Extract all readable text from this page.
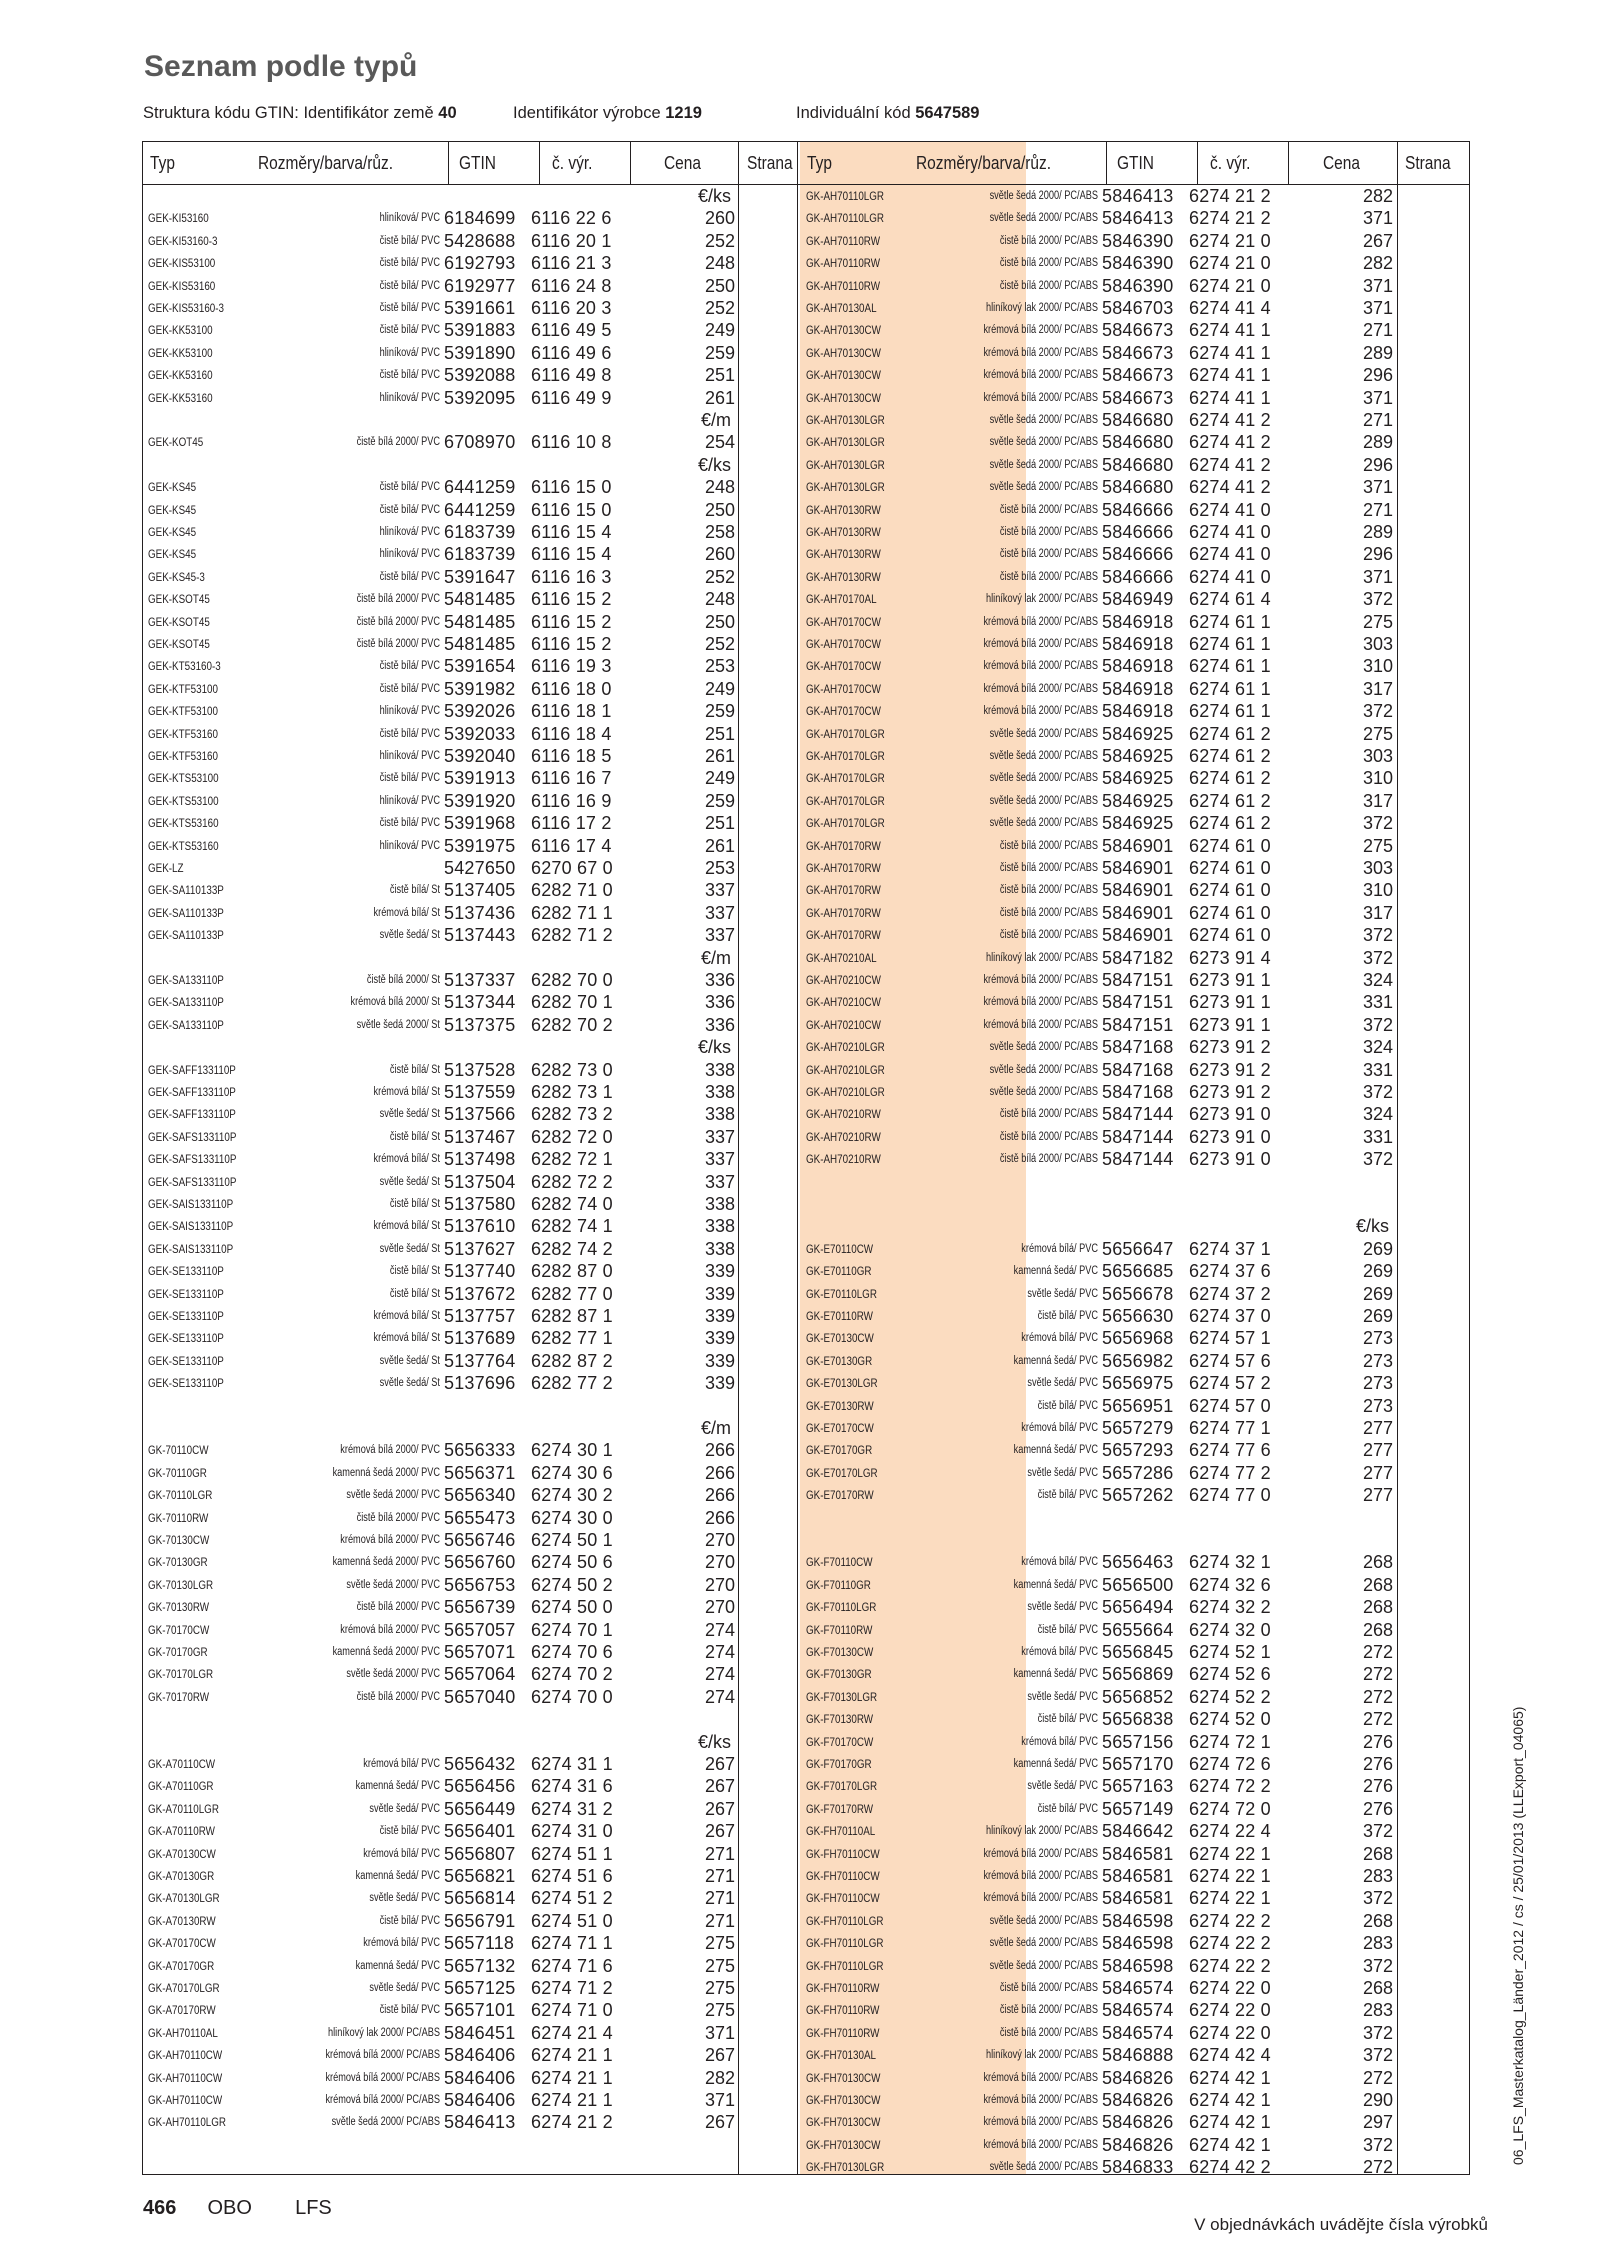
Seznam podle typů
Struktura kódu GTIN: Identifikátor země 40	Identifikátor výrobce 1219	Individuální kód 5647589
Typ	Rozměry/barva/růz.	GTIN	č. výr.	Cena	Strana Typ	Rozměry/barva/růz.	GTIN	č. výr.	Cena Strana
€/ks
GEK-KI53160	hliníková/ PVC 6184699 6116 22 6	260
GEK-KI53160-3	čistě bílá/ PVC 5428688 6116 20 1	252
GEK-KIS53100	čistě bílá/ PVC 6192793 6116 21 3	248
GEK-KIS53160	čistě bílá/ PVC 6192977 6116 24 8	250
GEK-KIS53160-3	čistě bílá/ PVC 5391661 6116 20 3	252
GEK-KK53100	čistě bílá/ PVC 5391883 6116 49 5	249
GEK-KK53100	hliníková/ PVC 5391890 6116 49 6	259
GEK-KK53160	čistě bílá/ PVC 5392088 6116 49 8	251
GEK-KK53160	hliníková/ PVC 5392095 6116 49 9	261
€/m
GEK-KOT45	čistě bílá 2000/ PVC 6708970 6116 10 8	254
€/ks
GEK-KS45	čistě bílá/ PVC 6441259 6116 15 0	248
GEK-KS45	čistě bílá/ PVC 6441259 6116 15 0	250
GEK-KS45	hliníková/ PVC 6183739 6116 15 4	258
GEK-KS45	hliníková/ PVC 6183739 6116 15 4	260
GEK-KS45-3	čistě bílá/ PVC 5391647 6116 16 3	252
GEK-KSOT45	čistě bílá 2000/ PVC 5481485 6116 15 2	248
GEK-KSOT45	čistě bílá 2000/ PVC 5481485 6116 15 2	250
GEK-KSOT45	čistě bílá 2000/ PVC 5481485 6116 15 2	252
GEK-KT53160-3	čistě bílá/ PVC 5391654 6116 19 3	253
GEK-KTF53100	čistě bílá/ PVC 5391982 6116 18 0	249
GEK-KTF53100	hliníková/ PVC 5392026 6116 18 1	259
GEK-KTF53160	čistě bílá/ PVC 5392033 6116 18 4	251
GEK-KTF53160	hliníková/ PVC 5392040 6116 18 5	261
GEK-KTS53100	čistě bílá/ PVC 5391913 6116 16 7	249
GEK-KTS53100	hliníková/ PVC 5391920 6116 16 9	259
GEK-KTS53160	čistě bílá/ PVC 5391968 6116 17 2	251
GEK-KTS53160	hliníková/ PVC 5391975 6116 17 4	261
GEK-LZ	5427650 6270 67 0	253
GEK-SA110133P	čistě bílá/ St 5137405 6282 71 0	337
GEK-SA110133P	krémová bílá/ St 5137436 6282 71 1	337
GEK-SA110133P	světle šedá/ St 5137443 6282 71 2	337
€/m
GEK-SA133110P	čistě bílá 2000/ St 5137337 6282 70 0	336
GEK-SA133110P	krémová bílá 2000/ St 5137344 6282 70 1	336
GEK-SA133110P	světle šedá 2000/ St 5137375 6282 70 2	336
€/ks
GEK-SAFF133110P	čistě bílá/ St 5137528 6282 73 0	338
GEK-SAFF133110P	krémová bílá/ St 5137559 6282 73 1	338
GEK-SAFF133110P	světle šedá/ St 5137566 6282 73 2	338
GEK-SAFS133110P	čistě bílá/ St 5137467 6282 72 0	337
GEK-SAFS133110P	krémová bílá/ St 5137498 6282 72 1	337
GEK-SAFS133110P	světle šedá/ St 5137504 6282 72 2	337
GEK-SAIS133110P	čistě bílá/ St 5137580 6282 74 0	338
GEK-SAIS133110P	krémová bílá/ St 5137610 6282 74 1	338
GEK-SAIS133110P	světle šedá/ St 5137627 6282 74 2	338
GEK-SE133110P	čistě bílá/ St 5137740 6282 87 0	339
GEK-SE133110P	čistě bílá/ St 5137672 6282 77 0	339
GEK-SE133110P	krémová bílá/ St 5137757 6282 87 1	339
GEK-SE133110P	krémová bílá/ St 5137689 6282 77 1	339
GEK-SE133110P	světle šedá/ St 5137764 6282 87 2	339
GEK-SE133110P	světle šedá/ St 5137696 6282 77 2	339
€/m
GK-70110CW	krémová bílá 2000/ PVC 5656333 6274 30 1	266
GK-70110GR	kamenná šedá 2000/ PVC 5656371 6274 30 6	266
GK-70110LGR	světle šedá 2000/ PVC 5656340 6274 30 2	266
GK-70110RW	čistě bílá 2000/ PVC 5655473 6274 30 0	266
GK-70130CW	krémová bílá 2000/ PVC 5656746 6274 50 1	270
GK-70130GR	kamenná šedá 2000/ PVC 5656760 6274 50 6	270
GK-70130LGR	světle šedá 2000/ PVC 5656753 6274 50 2	270
GK-70130RW	čistě bílá 2000/ PVC 5656739 6274 50 0	270
GK-70170CW	krémová bílá 2000/ PVC 5657057 6274 70 1	274
GK-70170GR	kamenná šedá 2000/ PVC 5657071 6274 70 6	274
GK-70170LGR	světle šedá 2000/ PVC 5657064 6274 70 2	274
GK-70170RW	čistě bílá 2000/ PVC 5657040 6274 70 0	274
€/ks
GK-A70110CW	krémová bílá/ PVC 5656432 6274 31 1	267
GK-A70110GR	kamenná šedá/ PVC 5656456 6274 31 6	267
GK-A70110LGR	světle šedá/ PVC 5656449 6274 31 2	267
GK-A70110RW	čistě bílá/ PVC 5656401 6274 31 0	267
GK-A70130CW	krémová bílá/ PVC 5656807 6274 51 1	271
GK-A70130GR	kamenná šedá/ PVC 5656821 6274 51 6	271
GK-A70130LGR	světle šedá/ PVC 5656814 6274 51 2	271
GK-A70130RW	čistě bílá/ PVC 5656791 6274 51 0	271
GK-A70170CW	krémová bílá/ PVC 5657118 6274 71 1	275
GK-A70170GR	kamenná šedá/ PVC 5657132 6274 71 6	275
GK-A70170LGR	světle šedá/ PVC 5657125 6274 71 2	275
GK-A70170RW	čistě bílá/ PVC 5657101 6274 71 0	275
GK-AH70110AL	hliníkový lak 2000/ PC/ABS 5846451 6274 21 4	371
GK-AH70110CW	krémová bílá 2000/ PC/ABS 5846406 6274 21 1	267
GK-AH70110CW	krémová bílá 2000/ PC/ABS 5846406 6274 21 1	282
GK-AH70110CW	krémová bílá 2000/ PC/ABS 5846406 6274 21 1	371
GK-AH70110LGR	světle šedá 2000/ PC/ABS 5846413 6274 21 2	267
GK-AH70110LGR	světle šedá 2000/ PC/ABS 5846413 6274 21 2	282
GK-AH70110LGR	světle šedá 2000/ PC/ABS 5846413 6274 21 2	371
GK-AH70110RW	čistě bílá 2000/ PC/ABS 5846390 6274 21 0	267
GK-AH70110RW	čistě bílá 2000/ PC/ABS 5846390 6274 21 0	282
GK-AH70110RW	čistě bílá 2000/ PC/ABS 5846390 6274 21 0	371
GK-AH70130AL	hliníkový lak 2000/ PC/ABS 5846703 6274 41 4	371
GK-AH70130CW	krémová bílá 2000/ PC/ABS 5846673 6274 41 1	271
GK-AH70130CW	krémová bílá 2000/ PC/ABS 5846673 6274 41 1	289
GK-AH70130CW	krémová bílá 2000/ PC/ABS 5846673 6274 41 1	296
GK-AH70130CW	krémová bílá 2000/ PC/ABS 5846673 6274 41 1	371
GK-AH70130LGR	světle šedá 2000/ PC/ABS 5846680 6274 41 2	271
GK-AH70130LGR	světle šedá 2000/ PC/ABS 5846680 6274 41 2	289
GK-AH70130LGR	světle šedá 2000/ PC/ABS 5846680 6274 41 2	296
GK-AH70130LGR	světle šedá 2000/ PC/ABS 5846680 6274 41 2	371
GK-AH70130RW	čistě bílá 2000/ PC/ABS 5846666 6274 41 0	271
GK-AH70130RW	čistě bílá 2000/ PC/ABS 5846666 6274 41 0	289
GK-AH70130RW	čistě bílá 2000/ PC/ABS 5846666 6274 41 0	296
GK-AH70130RW	čistě bílá 2000/ PC/ABS 5846666 6274 41 0	371
GK-AH70170AL	hliníkový lak 2000/ PC/ABS 5846949 6274 61 4	372
GK-AH70170CW	krémová bílá 2000/ PC/ABS 5846918 6274 61 1	275
GK-AH70170CW	krémová bílá 2000/ PC/ABS 5846918 6274 61 1	303
GK-AH70170CW	krémová bílá 2000/ PC/ABS 5846918 6274 61 1	310
GK-AH70170CW	krémová bílá 2000/ PC/ABS 5846918 6274 61 1	317
GK-AH70170CW	krémová bílá 2000/ PC/ABS 5846918 6274 61 1	372
GK-AH70170LGR	světle šedá 2000/ PC/ABS 5846925 6274 61 2	275
GK-AH70170LGR	světle šedá 2000/ PC/ABS 5846925 6274 61 2	303
GK-AH70170LGR	světle šedá 2000/ PC/ABS 5846925 6274 61 2	310
GK-AH70170LGR	světle šedá 2000/ PC/ABS 5846925 6274 61 2	317
GK-AH70170LGR	světle šedá 2000/ PC/ABS 5846925 6274 61 2	372
GK-AH70170RW	čistě bílá 2000/ PC/ABS 5846901 6274 61 0	275
GK-AH70170RW	čistě bílá 2000/ PC/ABS 5846901 6274 61 0	303
GK-AH70170RW	čistě bílá 2000/ PC/ABS 5846901 6274 61 0	310
GK-AH70170RW	čistě bílá 2000/ PC/ABS 5846901 6274 61 0	317
GK-AH70170RW	čistě bílá 2000/ PC/ABS 5846901 6274 61 0	372
GK-AH70210AL	hliníkový lak 2000/ PC/ABS 5847182 6273 91 4	372
GK-AH70210CW	krémová bílá 2000/ PC/ABS 5847151 6273 91 1	324
GK-AH70210CW	krémová bílá 2000/ PC/ABS 5847151 6273 91 1	331
GK-AH70210CW	krémová bílá 2000/ PC/ABS 5847151 6273 91 1	372
GK-AH70210LGR	světle šedá 2000/ PC/ABS 5847168 6273 91 2	324
GK-AH70210LGR	světle šedá 2000/ PC/ABS 5847168 6273 91 2	331
GK-AH70210LGR	světle šedá 2000/ PC/ABS 5847168 6273 91 2	372
GK-AH70210RW	čistě bílá 2000/ PC/ABS 5847144 6273 91 0	324
GK-AH70210RW	čistě bílá 2000/ PC/ABS 5847144 6273 91 0	331
GK-AH70210RW	čistě bílá 2000/ PC/ABS 5847144 6273 91 0	372
€/ks
GK-E70110CW	krémová bílá/ PVC 5656647 6274 37 1	269
GK-E70110GR	kamenná šedá/ PVC 5656685 6274 37 6	269
GK-E70110LGR	světle šedá/ PVC 5656678 6274 37 2	269
GK-E70110RW	čistě bílá/ PVC 5656630 6274 37 0	269
GK-E70130CW	krémová bílá/ PVC 5656968 6274 57 1	273
GK-E70130GR	kamenná šedá/ PVC 5656982 6274 57 6	273
GK-E70130LGR	světle šedá/ PVC 5656975 6274 57 2	273
GK-E70130RW	čistě bílá/ PVC 5656951 6274 57 0	273
GK-E70170CW	krémová bílá/ PVC 5657279 6274 77 1	277
GK-E70170GR	kamenná šedá/ PVC 5657293 6274 77 6	277
GK-E70170LGR	světle šedá/ PVC 5657286 6274 77 2	277
GK-E70170RW	čistě bílá/ PVC 5657262 6274 77 0	277
GK-F70110CW	krémová bílá/ PVC 5656463 6274 32 1	268
GK-F70110GR	kamenná šedá/ PVC 5656500 6274 32 6	268
GK-F70110LGR	světle šedá/ PVC 5656494 6274 32 2	268
GK-F70110RW	čistě bílá/ PVC 5655664 6274 32 0	268
GK-F70130CW	krémová bílá/ PVC 5656845 6274 52 1	272
GK-F70130GR	kamenná šedá/ PVC 5656869 6274 52 6	272
GK-F70130LGR	světle šedá/ PVC 5656852 6274 52 2	272
GK-F70130RW	čistě bílá/ PVC 5656838 6274 52 0	272
GK-F70170CW	krémová bílá/ PVC 5657156 6274 72 1	276
GK-F70170GR	kamenná šedá/ PVC 5657170 6274 72 6	276
GK-F70170LGR	světle šedá/ PVC 5657163 6274 72 2	276
GK-F70170RW	čistě bílá/ PVC 5657149 6274 72 0	276
GK-FH70110AL	hliníkový lak 2000/ PC/ABS 5846642 6274 22 4	372
GK-FH70110CW	krémová bílá 2000/ PC/ABS 5846581 6274 22 1	268
GK-FH70110CW	krémová bílá 2000/ PC/ABS 5846581 6274 22 1	283
GK-FH70110CW	krémová bílá 2000/ PC/ABS 5846581 6274 22 1	372
GK-FH70110LGR	světle šedá 2000/ PC/ABS 5846598 6274 22 2	268
GK-FH70110LGR	světle šedá 2000/ PC/ABS 5846598 6274 22 2	283
GK-FH70110LGR	světle šedá 2000/ PC/ABS 5846598 6274 22 2	372
GK-FH70110RW	čistě bílá 2000/ PC/ABS 5846574 6274 22 0	268
GK-FH70110RW	čistě bílá 2000/ PC/ABS 5846574 6274 22 0	283
GK-FH70110RW	čistě bílá 2000/ PC/ABS 5846574 6274 22 0	372
GK-FH70130AL	hliníkový lak 2000/ PC/ABS 5846888 6274 42 4	372
GK-FH70130CW	krémová bílá 2000/ PC/ABS 5846826 6274 42 1	272
GK-FH70130CW	krémová bílá 2000/ PC/ABS 5846826 6274 42 1	290
GK-FH70130CW	krémová bílá 2000/ PC/ABS 5846826 6274 42 1	297
GK-FH70130CW	krémová bílá 2000/ PC/ABS 5846826 6274 42 1	372
GK-FH70130LGR	světle šedá 2000/ PC/ABS 5846833 6274 42 2	272
466 OBO LFS
V objednávkách uvádějte čísla výrobků
06_LFS_Masterkatalog_Länder_2012 / cs / 25/01/2013 (LLExport_04065)
